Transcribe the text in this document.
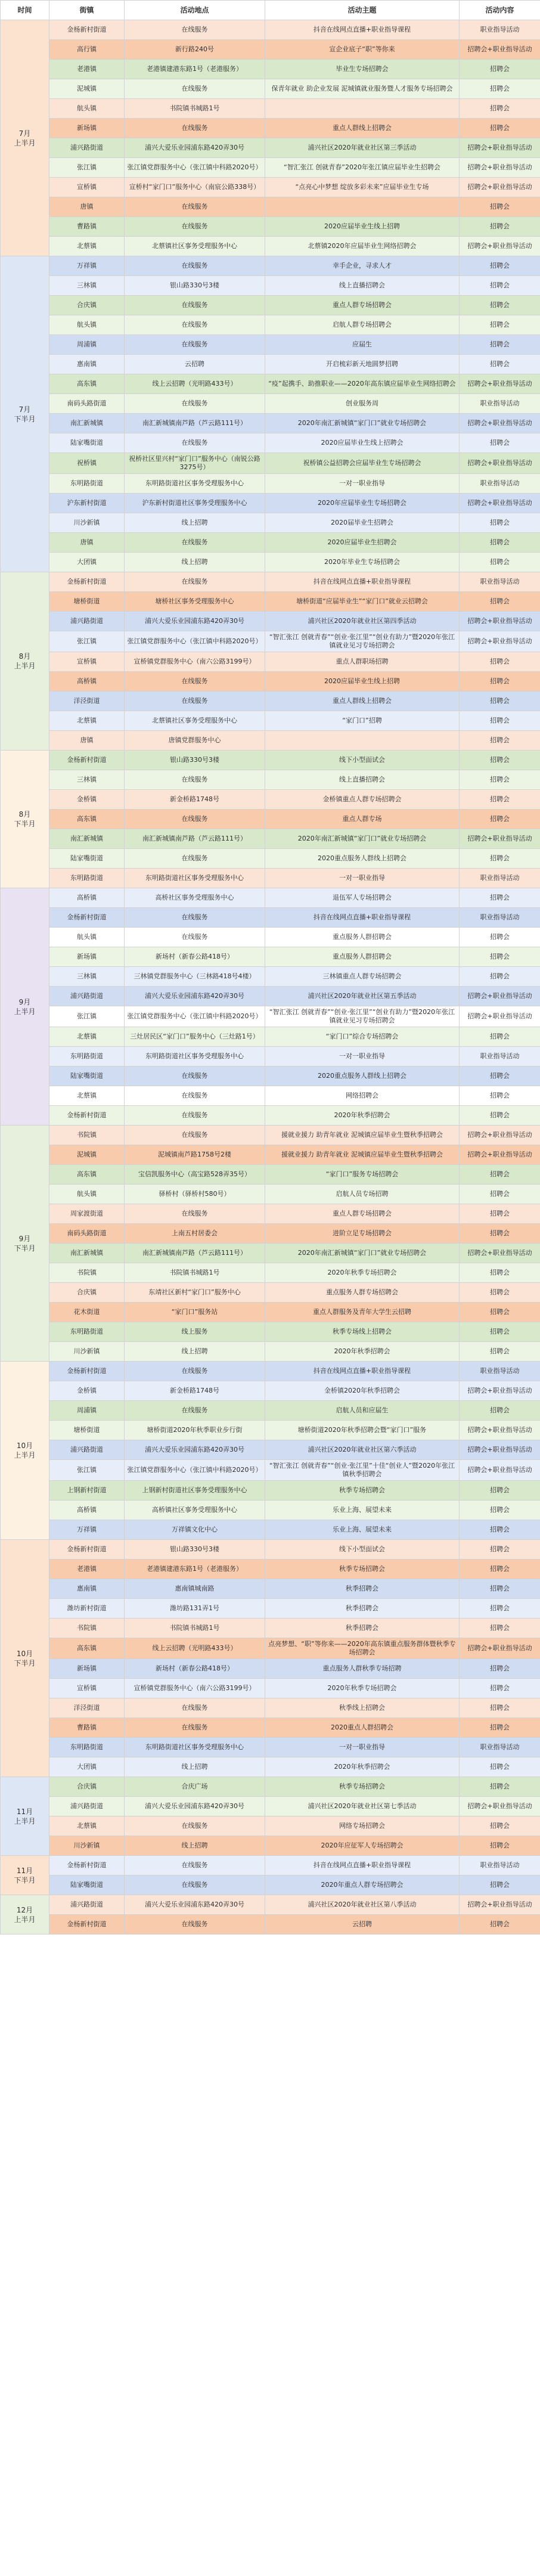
时间	街镇	活动地点	活动主题	活动内容
7月
上半月	金杨新村街道	在线服务	抖音在线网点直播+职业指导课程	职业指导活动
	高行镇	新行路240号	宣企业底子“职”等你来	招聘会+职业指导活动
	老港镇	老港镇建港东路1号（老港服务）	毕业生专场招聘会	招聘会
	泥城镇	在线服务	保青年就业 助企业发展 泥城镇就业服务暨人才服务专场招聘会	招聘会
	航头镇	书院镇书城路1号		招聘会
	新场镇	在线服务	重点人群线上招聘会	招聘会
	浦兴路街道	浦兴大爱乐业园浦东路420弄30号	浦兴社区2020年就业社区第三季活动	招聘会+职业指导活动
	张江镇	张江镇党群服务中心（张江镇中科路2020号）	“智汇张江 创就青春”2020年张江镇应届毕业生招聘会	招聘会+职业指导活动
	宣桥镇	宣桥村“家门口”服务中心（南宸公路338号）	“点亮心中梦想 绽放多彩未来”应届毕业生专场	招聘会+职业指导活动
	唐镇	在线服务		招聘会
	曹路镇	在线服务	2020应届毕业生线上招聘	招聘会
	北蔡镇	北蔡镇社区事务受理服务中心	北蔡镇2020年应届毕业生网络招聘会	招聘会+职业指导活动
7月
下半月	万祥镇	在线服务	幸手企业，寻求人才	招聘会
	三林镇	银山路330号3楼	线上直播招聘会	招聘会
	合庆镇	在线服务	重点人群专场招聘会	招聘会
	航头镇	在线服务	启航人群专场招聘会	招聘会
	周浦镇	在线服务	应届生	招聘会
	惠南镇	云招聘	开启梳彩新天地圆梦招聘	招聘会
	高东镇	线上云招聘（光明路433号）	“疫”起携手、助推职业——2020年高东镇应届毕业生网络招聘会	招聘会+职业指导活动
	南码头路街道	在线服务	创业服务周	职业指导活动
	南汇新城镇	南汇新城镇南芦路（芦云路111号）	2020年南汇新城镇“家门口”就业专场招聘会	招聘会+职业指导活动
	陆家嘴街道	在线服务	2020应届毕业生线上招聘会	招聘会
	祝桥镇	祝桥社区里兴村“家门口”服务中心（南锐公路3275号）	祝桥镇公益招聘会应届毕业生专场招聘会	招聘会+职业指导活动
	东明路街道	东明路街道社区事务受理服务中心	一对一职业指导	职业指导活动
	沪东新村街道	沪东新村街道社区事务受理服务中心	2020年应届毕业生专场招聘会	招聘会+职业指导活动
	川沙新镇	线上招聘	2020届毕业生招聘会	招聘会
	唐镇	在线服务	2020应届毕业生招聘会	招聘会
	大团镇	线上招聘	2020年毕业生专场招聘会	招聘会
8月
上半月	金杨新村街道	在线服务	抖音在线网点直播+职业指导课程	职业指导活动
	塘桥街道	塘桥社区事务受理服务中心	塘桥街道“应届毕业生”“家门口”就业云招聘会	招聘会
	浦兴路街道	浦兴大爱乐业园浦东路420弄30号	浦兴社区2020年就业社区第四季活动	招聘会+职业指导活动
	张江镇	张江镇党群服务中心（张江镇中科路2020号）	“智汇张江 创就青春”“创业·张江里”“创业有助力”暨2020年张江镇就业见习专场招聘会	招聘会+职业指导活动
	宣桥镇	宣桥镇党群服务中心（南六公路3199号）	重点人群职场招聘	招聘会
	高桥镇	在线服务	2020应届毕业生线上招聘	招聘会
	洋泾街道	在线服务	重点人群线上招聘会	招聘会
	北蔡镇	北蔡镇社区事务受理服务中心	“家门口”招聘	招聘会
	唐镇	唐镇党群服务中心		招聘会
8月
下半月	金杨新村街道	银山路330号3楼	线下小型面试会	招聘会
	三林镇	在线服务	线上直播招聘会	招聘会
	金桥镇	新金桥路1748号	金桥镇重点人群专场招聘会	招聘会
	高东镇	在线服务	重点人群专场	招聘会
	南汇新城镇	南汇新城镇南芦路（芦云路111号）	2020年南汇新城镇“家门口”就业专场招聘会	招聘会+职业指导活动
	陆家嘴街道	在线服务	2020重点服务人群线上招聘会	招聘会
	东明路街道	东明路街道社区事务受理服务中心	一对一职业指导	职业指导活动
9月
上半月	高桥镇	高桥社区事务受理服务中心	退伍军人专场招聘会	招聘会
	金杨新村街道	在线服务	抖音在线网点直播+职业指导课程	职业指导活动
	航头镇	在线服务	重点服务人群招聘会	招聘会
	新场镇	新场村（新春公路418号）	重点服务人群招聘会	招聘会
	三林镇	三林镇党群服务中心（三林路418号4楼）	三林镇重点人群专场招聘会	招聘会
	浦兴路街道	浦兴大爱乐业园浦东路420弄30号	浦兴社区2020年就业社区第五季活动	招聘会+职业指导活动
	张江镇	张江镇党群服务中心（张江镇中科路2020号）	“智汇张江 创就青春”“创业·张江里”“创业有助力”暨2020年张江镇就业见习专场招聘会	招聘会+职业指导活动
	北蔡镇	三灶居民区“家门口”服务中心（三灶路1号）	“家门口”综合专场招聘会	招聘会
	东明路街道	东明路街道社区事务受理服务中心	一对一职业指导	职业指导活动
	陆家嘴街道	在线服务	2020重点服务人群线上招聘会	招聘会
	北蔡镇	在线服务	网络招聘会	招聘会
	金杨新村街道	在线服务	2020年秋季招聘会	招聘会
9月
下半月	书院镇	在线服务	援就业援力 助青年就业 泥城镇应届毕业生暨秋季招聘会	招聘会+职业指导活动
	泥城镇	泥城镇南芦路1758号2楼	援就业援力 助青年就业 泥城镇应届毕业生暨秋季招聘会	招聘会+职业指导活动
	高东镇	宝信凯服务中心（高宝路528弄35号）	“家门口”服务专场招聘会	招聘会
	航头镇	驿桥村（驿桥村580号）	启航人员专场招聘	招聘会
	周家渡街道	在线服务	重点人群专场招聘会	招聘会
	南码头路街道	上南五村居委会	进阶立足专场招聘会	招聘会
	南汇新城镇	南汇新城镇南芦路（芦云路111号）	2020年南汇新城镇“家门口”就业专场招聘会	招聘会+职业指导活动
	书院镇	书院镇书城路1号	2020年秋季专场招聘会	招聘会
	合庆镇	东靖社区新村“家门口”服务中心	重点服务人群专场招聘会	招聘会
	花木街道	“家门口”服务站	重点人群服务及青年大学生云招聘	招聘会
	东明路街道	线上服务	秋季专场线上招聘会	招聘会
	川沙新镇	线上招聘	2020年秋季招聘会	招聘会
10月
上半月	金杨新村街道	在线服务	抖音在线网点直播+职业指导课程	职业指导活动
	金桥镇	新金桥路1748号	金桥镇2020年秋季招聘会	招聘会+职业指导活动
	周浦镇	在线服务	启航人员和应届生	招聘会
	塘桥街道	塘桥街道2020年秋季职业步行街	塘桥街道2020年秋季招聘会暨“家门口”服务	招聘会+职业指导活动
	浦兴路街道	浦兴大爱乐业园浦东路420弄30号	浦兴社区2020年就业社区第六季活动	招聘会+职业指导活动
	张江镇	张江镇党群服务中心（张江镇中科路2020号）	“智汇张江 创就青春”“创业·张江里”十佳“创业人”暨2020年张江镇秋季招聘会	招聘会+职业指导活动
	上钢新村街道	上钢新村街道社区事务受理服务中心	秋季专场招聘会	招聘会
	高桥镇	高桥镇社区事务受理服务中心	乐业上海、展望未来	招聘会
	万祥镇	万祥镇文化中心	乐业上海、展望未来	招聘会
10月
下半月	金杨新村街道	银山路330号3楼	线下小型面试会	招聘会
	老港镇	老港镇建港东路1号（老港服务）	秋季专场招聘会	招聘会
	惠南镇	惠南镇城南路	秋季招聘会	招聘会
	潍坊新村街道	潍坊路131弄1号	秋季招聘会	招聘会
	书院镇	书院镇书城路1号	秋季招聘会	招聘会
	高东镇	线上云招聘（光明路433号）	点亮梦想、“职”等你来——2020年高东镇重点服务群体暨秋季专场招聘会	招聘会+职业指导活动
	新场镇	新场村（新春公路418号）	重点服务人群秋季专场招聘	招聘会
	宣桥镇	宣桥镇党群服务中心（南六公路3199号）	2020年秋季专场招聘会	招聘会
	洋泾街道	在线服务	秋季线上招聘会	招聘会
	曹路镇	在线服务	2020重点人群招聘会	招聘会
	东明路街道	东明路街道社区事务受理服务中心	一对一职业指导	职业指导活动
	大团镇	线上招聘	2020年秋季招聘会	招聘会
11月
上半月	合庆镇	合庆广场	秋季专场招聘会	招聘会
	浦兴路街道	浦兴大爱乐业园浦东路420弄30号	浦兴社区2020年就业社区第七季活动	招聘会+职业指导活动
	北蔡镇	在线服务	网络专场招聘会	招聘会
	川沙新镇	线上招聘	2020年应征军人专场招聘会	招聘会
11月
下半月	金杨新村街道	在线服务	抖音在线网点直播+职业指导课程	职业指导活动
	陆家嘴街道	在线服务	2020年重点人群专场招聘会	招聘会
12月
上半月	浦兴路街道	浦兴大爱乐业园浦东路420弄30号	浦兴社区2020年就业社区第八季活动	招聘会+职业指导活动
	金杨新村街道	在线服务	云招聘	招聘会
